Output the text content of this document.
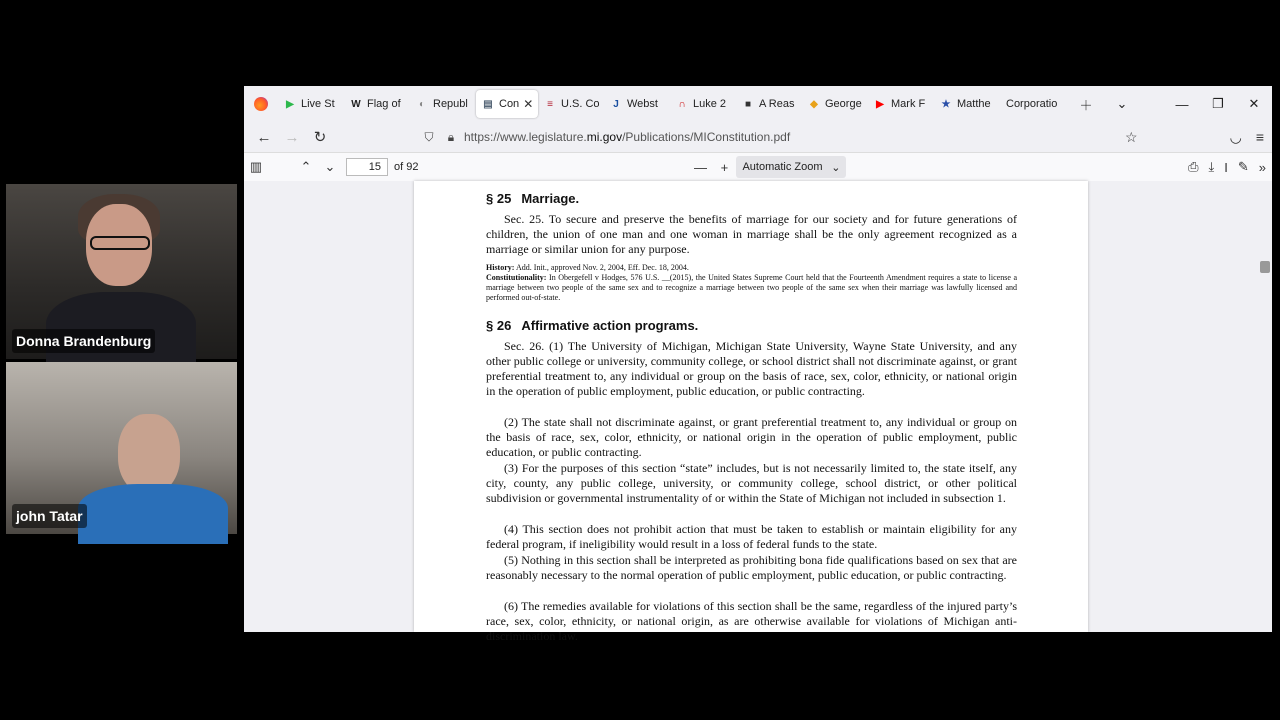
Donna Brandenburg
john Tatar
▶ Live St W Flag of ◐ Republ ▤ Con ✕	≡ U.S. Co	J Webst ∩ Luke 2 ■ A Reas ◆ George ▶ Mark F ★ Matthe Corporatio	＋	⌄	—	❐	✕
← → ↻	⛉	🔒︎ https://www.legislature. mi.gov /Publications/MIConstitution.pdf	☆	◡ ≡
▥	⌃	⌄	15	of 92	—	+	Automatic Zoom ⌄	⎙ ⤓ I ✎ »
§ 25 Marriage.

Sec. 25. To secure and preserve the benefits of marriage for our society and for future generations of children, the union of one man and one woman in marriage shall be the only agreement recognized as a marriage or similar union for any purpose.

History: Add. Init., approved Nov. 2, 2004, Eff. Dec. 18, 2004.

Constitutionality: In Obergefell v Hodges, 576 U.S. __(2015), the United States Supreme Court held that the Fourteenth Amendment requires a state to license a marriage between two people of the same sex and to recognize a marriage between two people of the same sex when their marriage was lawfully licensed and performed out-of-state.

§ 26 Affirmative action programs.

Sec. 26. (1) The University of Michigan, Michigan State University, Wayne State University, and any other public college or university, community college, or school district shall not discriminate against, or grant preferential treatment to, any individual or group on the basis of race, sex, color, ethnicity, or national origin in the operation of public employment, public education, or public contracting.

(2) The state shall not discriminate against, or grant preferential treatment to, any individual or group on the basis of race, sex, color, ethnicity, or national origin in the operation of public employment, public education, or public contracting.

(3) For the purposes of this section “state” includes, but is not necessarily limited to, the state itself, any city, county, any public college, university, or community college, school district, or other political subdivision or governmental instrumentality of or within the State of Michigan not included in subsection 1.

(4) This section does not prohibit action that must be taken to establish or maintain eligibility for any federal program, if ineligibility would result in a loss of federal funds to the state.

(5) Nothing in this section shall be interpreted as prohibiting bona fide qualifications based on sex that are reasonably necessary to the normal operation of public employment, public education, or public contracting.

(6) The remedies available for violations of this section shall be the same, regardless of the injured party’s race, sex, color, ethnicity, or national origin, as are otherwise available for violations of Michigan anti-discrimination law.
